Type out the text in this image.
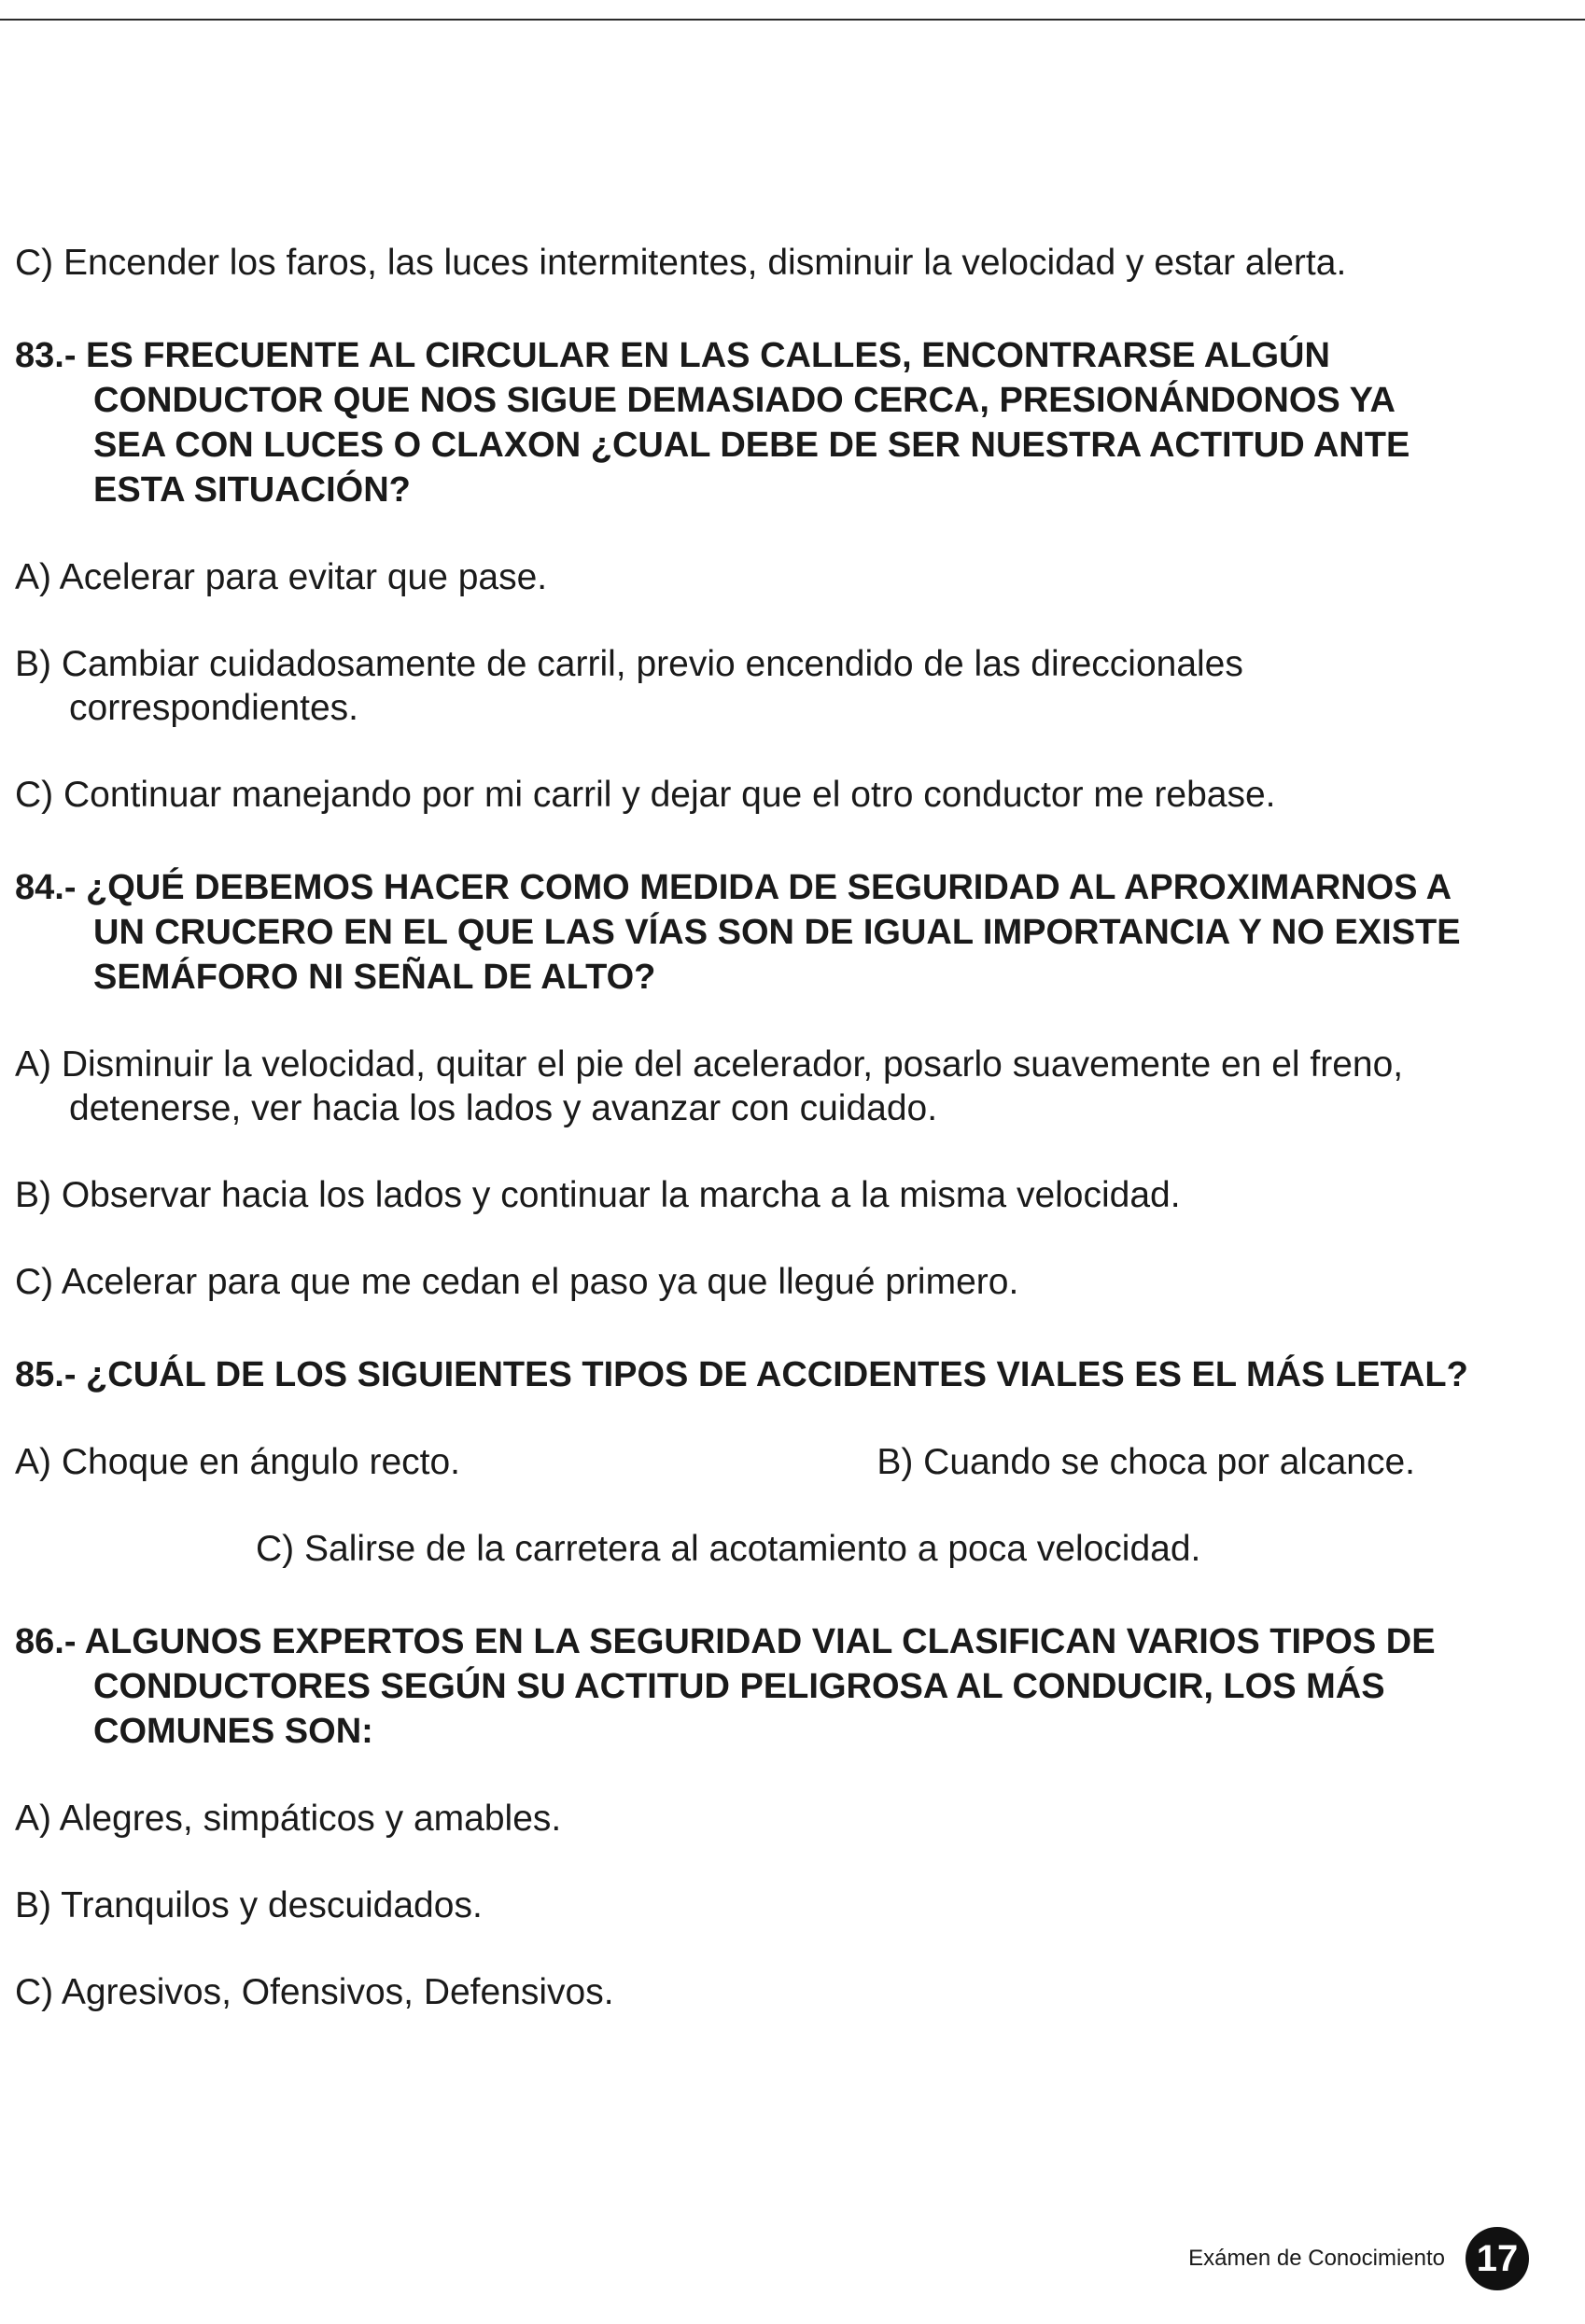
C) Encender los faros, las luces intermitentes, disminuir la velocidad y estar alerta.

83.- ES FRECUENTE AL CIRCULAR EN LAS CALLES, ENCONTRARSE ALGÚN CONDUCTOR QUE NOS SIGUE DEMASIADO CERCA, PRESIONÁNDONOS YA SEA CON LUCES O CLAXON ¿CUAL DEBE DE SER NUESTRA ACTITUD ANTE ESTA SITUACIÓN?

A) Acelerar para evitar que pase.

B) Cambiar cuidadosamente de carril, previo encendido de las direccionales correspondientes.

C) Continuar manejando por mi carril y dejar que el otro conductor me rebase.

84.- ¿QUÉ DEBEMOS HACER COMO MEDIDA DE SEGURIDAD AL APROXIMARNOS A UN CRUCERO EN EL QUE LAS VÍAS SON DE IGUAL IMPORTANCIA Y NO EXISTE SEMÁFORO NI SEÑAL DE ALTO?

A) Disminuir la velocidad, quitar el pie del acelerador, posarlo suavemente en el freno, detenerse, ver hacia los lados y avanzar con cuidado.

B) Observar hacia los lados y continuar la marcha a la misma velocidad.

C) Acelerar para que me cedan el paso ya que llegué primero.

85.- ¿CUÁL DE LOS SIGUIENTES TIPOS DE ACCIDENTES VIALES ES EL MÁS LETAL?

A) Choque en ángulo recto.	B) Cuando se choca por alcance.

C) Salirse de la carretera al acotamiento a poca velocidad.

86.- ALGUNOS EXPERTOS EN LA SEGURIDAD VIAL CLASIFICAN VARIOS TIPOS DE CONDUCTORES SEGÚN SU ACTITUD PELIGROSA AL CONDUCIR, LOS MÁS COMUNES SON:

A) Alegres, simpáticos y amables.

B) Tranquilos y descuidados.

C) Agresivos, Ofensivos, Defensivos.

Exámen de Conocimiento 17
